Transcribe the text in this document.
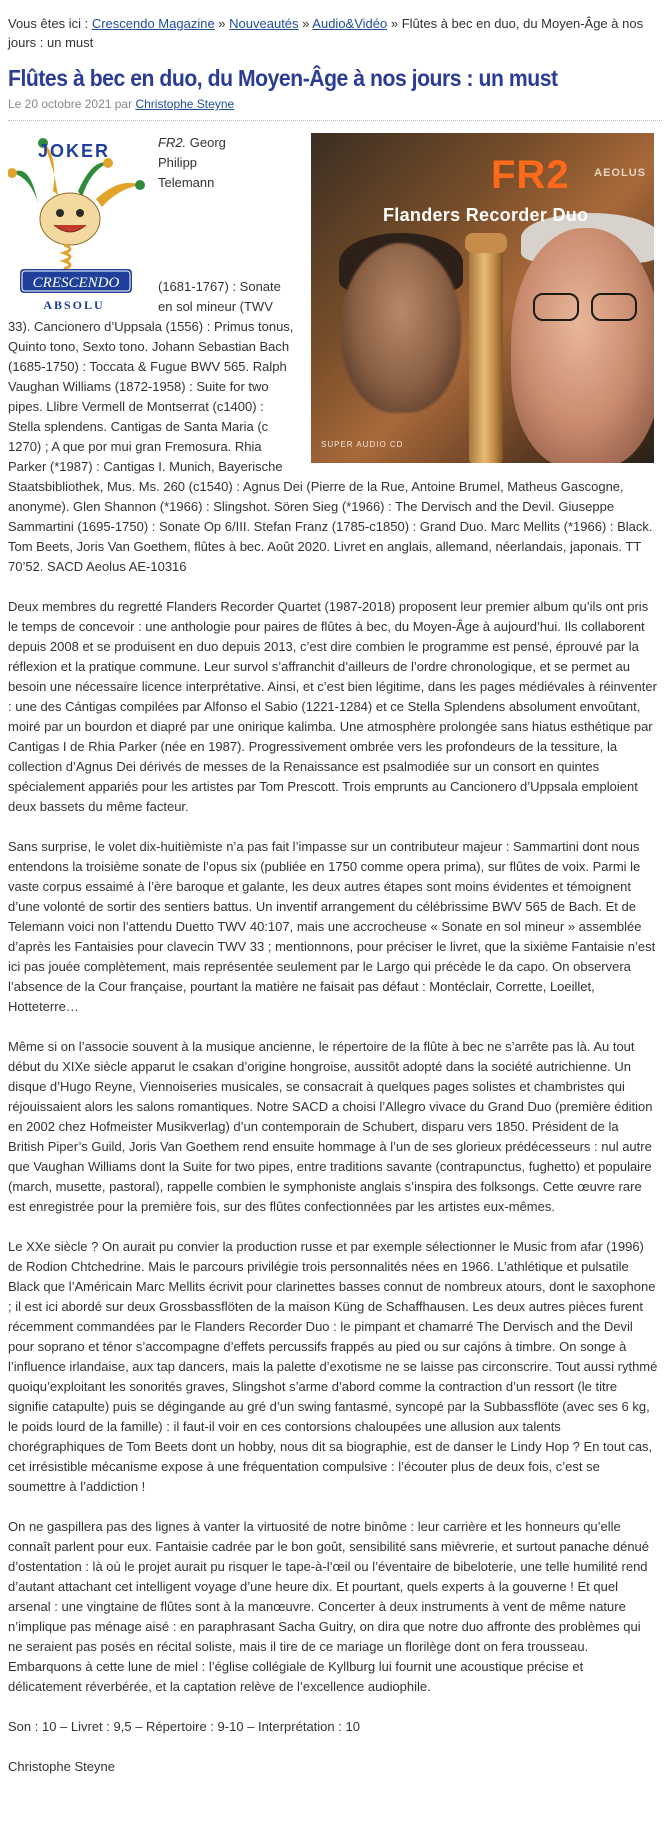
Vous êtes ici : Crescendo Magazine » Nouveautés » Audio&Vidéo » Flûtes à bec en duo, du Moyen-Âge à nos jours : un must
Flûtes à bec en duo, du Moyen-Âge à nos jours : un must
Le 20 octobre 2021 par Christophe Steyne
CRESCENDO
ABSOLU
JOKER
FR2 AEOLUS
Flanders Recorder Duo
SUPER AUDIO CD
FR2. Georg
Philipp
Telemann

(1681-1767) : Sonate en sol mineur (TWV 33). Cancionero d’Uppsala (1556) : Primus tonus, Quinto tono, Sexto tono. Johann Sebastian Bach (1685-1750) : Toccata & Fugue BWV 565. Ralph Vaughan Williams (1872-1958) : Suite for two pipes. Llibre Vermell de Montserrat (c1400) : Stella splendens. Cantigas de Santa Maria (c 1270) ; A que por mui gran Fremosura. Rhia Parker (*1987) : Cantigas I. Munich, Bayerische Staatsbibliothek, Mus. Ms. 260 (c1540) : Agnus Dei (Pierre de la Rue, Antoine Brumel, Matheus Gascogne, anonyme). Glen Shannon (*1966) : Slingshot. Sören Sieg (*1966) : The Dervisch and the Devil. Giuseppe Sammartini (1695-1750) : Sonate Op 6/III. Stefan Franz (1785-c1850) : Grand Duo. Marc Mellits (*1966) : Black. Tom Beets, Joris Van Goethem, flûtes à bec. Août 2020. Livret en anglais, allemand, néerlandais, japonais. TT 70’52. SACD Aeolus AE-10316

Deux membres du regretté Flanders Recorder Quartet (1987-2018) proposent leur premier album qu’ils ont pris le temps de concevoir : une anthologie pour paires de flûtes à bec, du Moyen-Âge à aujourd’hui. Ils collaborent depuis 2008 et se produisent en duo depuis 2013, c’est dire combien le programme est pensé, éprouvé par la réflexion et la pratique commune. Leur survol s’affranchit d’ailleurs de l’ordre chronologique, et se permet au besoin une nécessaire licence interprétative. Ainsi, et c’est bien légitime, dans les pages médiévales à réinventer : une des Cántigas compilées par Alfonso el Sabio (1221-1284) et ce Stella Splendens absolument envoûtant, moiré par un bourdon et diapré par une onirique kalimba. Une atmosphère prolongée sans hiatus esthétique par Cantigas I de Rhia Parker (née en 1987). Progressivement ombrée vers les profondeurs de la tessiture, la collection d’Agnus Dei dérivés de messes de la Renaissance est psalmodiée sur un consort en quintes spécialement appariés pour les artistes par Tom Prescott. Trois emprunts au Cancionero d’Uppsala emploient deux bassets du même facteur.

Sans surprise, le volet dix-huitièmiste n’a pas fait l’impasse sur un contributeur majeur : Sammartini dont nous entendons la troisième sonate de l’opus six (publiée en 1750 comme opera prima), sur flûtes de voix. Parmi le vaste corpus essaimé à l’ère baroque et galante, les deux autres étapes sont moins évidentes et témoignent d’une volonté de sortir des sentiers battus. Un inventif arrangement du célébrissime BWV 565 de Bach. Et de Telemann voici non l’attendu Duetto TWV 40:107, mais une accrocheuse « Sonate en sol mineur » assemblée d’après les Fantaisies pour clavecin TWV 33 ; mentionnons, pour préciser le livret, que la sixième Fantaisie n’est ici pas jouée complètement, mais représentée seulement par le Largo qui précède le da capo. On observera l’absence de la Cour française, pourtant la matière ne faisait pas défaut : Montéclair, Corrette, Loeillet, Hotteterre…

Même si on l’associe souvent à la musique ancienne, le répertoire de la flûte à bec ne s’arrête pas là. Au tout début du XIXe siècle apparut le csakan d’origine hongroise, aussitôt adopté dans la société autrichienne. Un disque d’Hugo Reyne, Viennoiseries musicales, se consacrait à quelques pages solistes et chambristes qui réjouissaient alors les salons romantiques. Notre SACD a choisi l’Allegro vivace du Grand Duo (première édition en 2002 chez Hofmeister Musikverlag) d’un contemporain de Schubert, disparu vers 1850. Président de la British Piper’s Guild, Joris Van Goethem rend ensuite hommage à l’un de ses glorieux prédécesseurs : nul autre que Vaughan Williams dont la Suite for two pipes, entre traditions savante (contrapunctus, fughetto) et populaire (march, musette, pastoral), rappelle combien le symphoniste anglais s’inspira des folksongs. Cette œuvre rare est enregistrée pour la première fois, sur des flûtes confectionnées par les artistes eux-mêmes.

Le XXe siècle ? On aurait pu convier la production russe et par exemple sélectionner le Music from afar (1996) de Rodion Chtchedrine. Mais le parcours privilégie trois personnalités nées en 1966. L’athlétique et pulsatile Black que l’Américain Marc Mellits écrivit pour clarinettes basses connut de nombreux atours, dont le saxophone ; il est ici abordé sur deux Grossbassflöten de la maison Küng de Schaffhausen. Les deux autres pièces furent récemment commandées par le Flanders Recorder Duo : le pimpant et chamarré The Dervisch and the Devil pour soprano et ténor s’accompagne d’effets percussifs frappés au pied ou sur cajóns à timbre. On songe à l’influence irlandaise, aux tap dancers, mais la palette d’exotisme ne se laisse pas circonscrire. Tout aussi rythmé quoiqu’exploitant les sonorités graves, Slingshot s’arme d’abord comme la contraction d’un ressort (le titre signifie catapulte) puis se dégingande au gré d’un swing fantasmé, syncopé par la Subbassflöte (avec ses 6 kg, le poids lourd de la famille) : il faut-il voir en ces contorsions chaloupées une allusion aux talents chorégraphiques de Tom Beets dont un hobby, nous dit sa biographie, est de danser le Lindy Hop ? En tout cas, cet irrésistible mécanisme expose à une fréquentation compulsive : l’écouter plus de deux fois, c’est se soumettre à l’addiction !

On ne gaspillera pas des lignes à vanter la virtuosité de notre binôme : leur carrière et les honneurs qu’elle connaît parlent pour eux. Fantaisie cadrée par le bon goût, sensibilité sans mièvrerie, et surtout panache dénué d’ostentation : là où le projet aurait pu risquer le tape-à-l’œil ou l’éventaire de bibeloterie, une telle humilité rend d’autant attachant cet intelligent voyage d’une heure dix. Et pourtant, quels experts à la gouverne ! Et quel arsenal : une vingtaine de flûtes sont à la manœuvre. Concerter à deux instruments à vent de même nature n’implique pas ménage aisé : en paraphrasant Sacha Guitry, on dira que notre duo affronte des problèmes qui ne seraient pas posés en récital soliste, mais il tire de ce mariage un florilège dont on fera trousseau. Embarquons à cette lune de miel : l’église collégiale de Kyllburg lui fournit une acoustique précise et délicatement réverbérée, et la captation relève de l’excellence audiophile.

Son : 10 – Livret : 9,5 – Répertoire : 9-10 – Interprétation : 10

Christophe Steyne
